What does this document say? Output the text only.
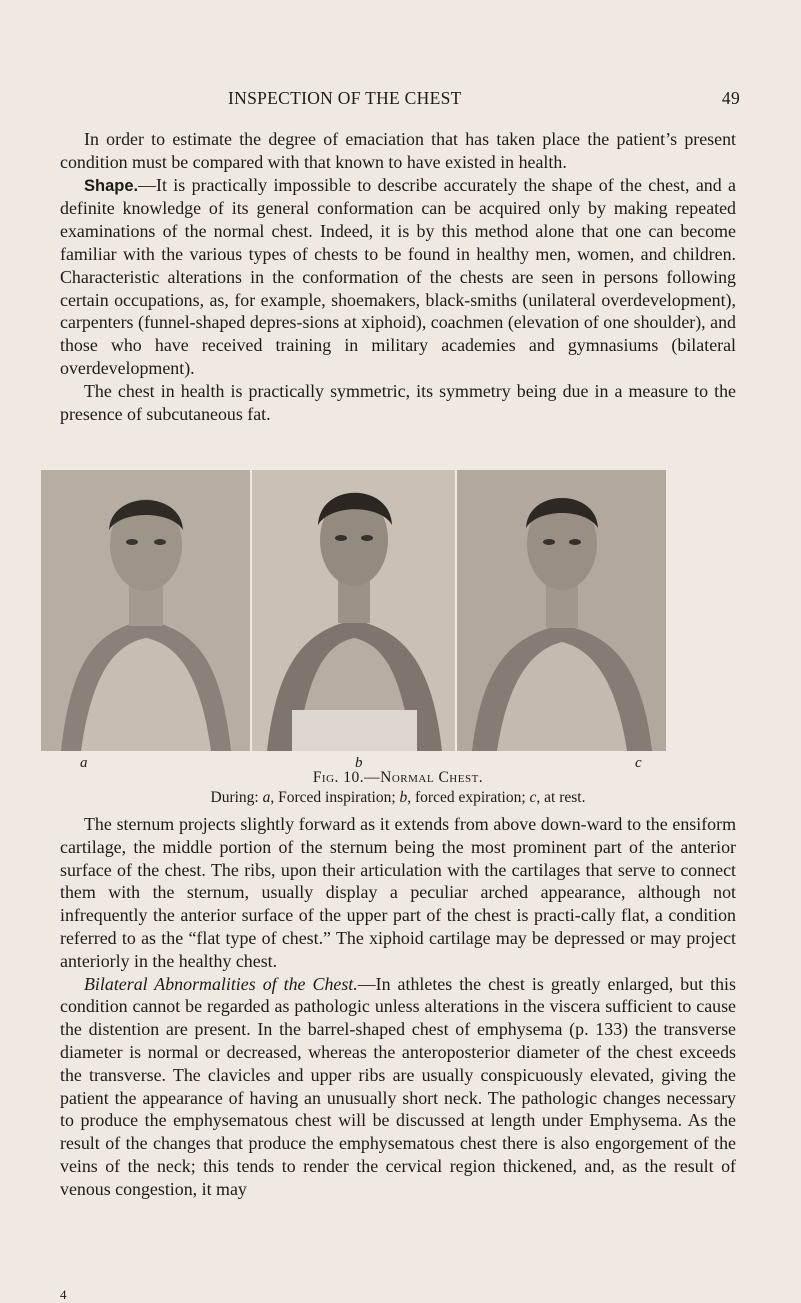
INSPECTION OF THE CHEST	49

In order to estimate the degree of emaciation that has taken place the patient’s present condition must be compared with that known to have existed in health.

Shape.—It is practically impossible to describe accurately the shape of the chest, and a definite knowledge of its general conformation can be acquired only by making repeated examinations of the normal chest. Indeed, it is by this method alone that one can become familiar with the various types of chests to be found in healthy men, women, and children. Characteristic alterations in the conformation of the chests are seen in persons following certain occupations, as, for example, shoemakers, black-smiths (unilateral overdevelopment), carpenters (funnel-shaped depres-sions at xiphoid), coachmen (elevation of one shoulder), and those who have received training in military academies and gymnasiums (bilateral overdevelopment).

The chest in health is practically symmetric, its symmetry being due in a measure to the presence of subcutaneous fat.

a	b	c
Fig. 10.—Normal Chest.
During: a, Forced inspiration; b, forced expiration; c, at rest.

The sternum projects slightly forward as it extends from above down-ward to the ensiform cartilage, the middle portion of the sternum being the most prominent part of the anterior surface of the chest. The ribs, upon their articulation with the cartilages that serve to connect them with the sternum, usually display a peculiar arched appearance, although not infrequently the anterior surface of the upper part of the chest is practi-cally flat, a condition referred to as the “flat type of chest.” The xiphoid cartilage may be depressed or may project anteriorly in the healthy chest.

Bilateral Abnormalities of the Chest.—In athletes the chest is greatly enlarged, but this condition cannot be regarded as pathologic unless alterations in the viscera sufficient to cause the distention are present. In the barrel-shaped chest of emphysema (p. 133) the transverse diameter is normal or decreased, whereas the anteroposterior diameter of the chest exceeds the transverse. The clavicles and upper ribs are usually conspicuously elevated, giving the patient the appearance of having an unusually short neck. The pathologic changes necessary to produce the emphysematous chest will be discussed at length under Emphysema. As the result of the changes that produce the emphysematous chest there is also engorgement of the veins of the neck; this tends to render the cervical region thickened, and, as the result of venous congestion, it may

4
